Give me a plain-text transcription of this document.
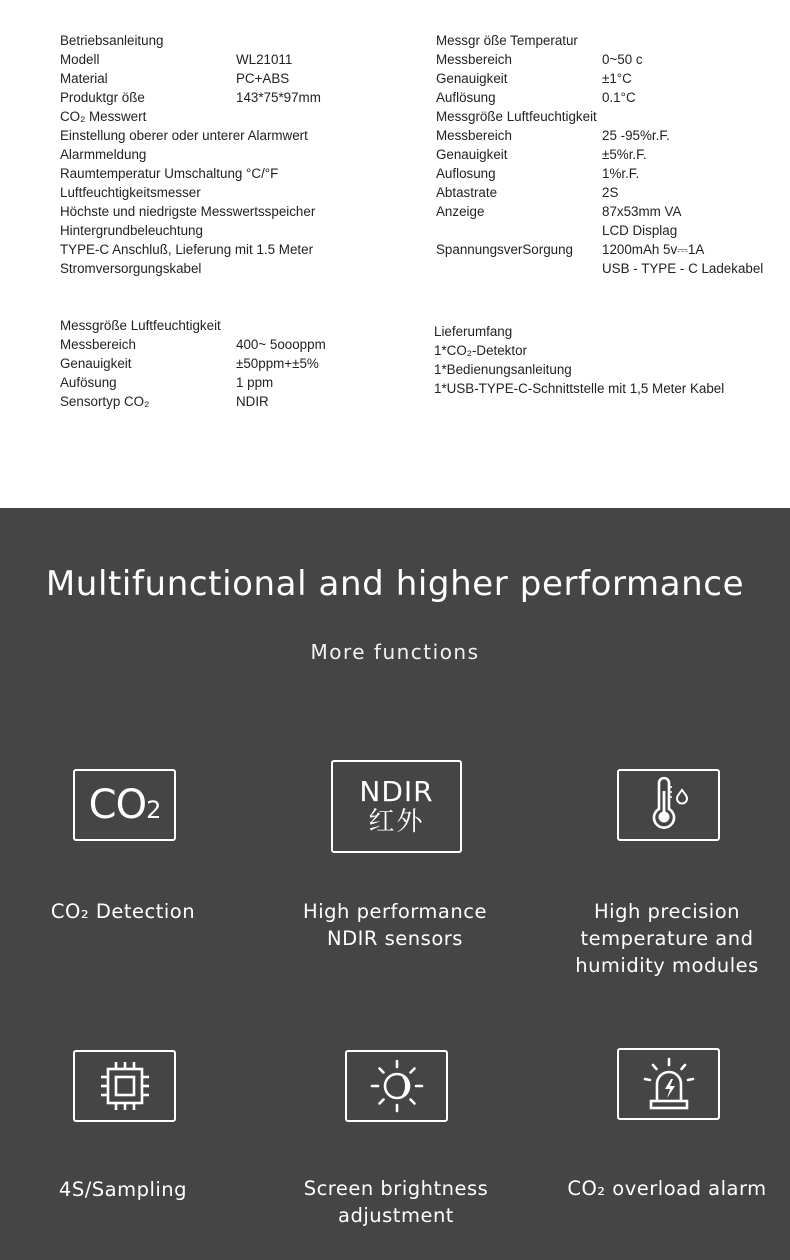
Betriebsanleitung
Modell	WL21011
Material	PC+ABS
Produktgr öße	143*75*97mm
CO₂ Messwert
Einstellung oberer oder unterer Alarmwert
Alarmmeldung
Raumtemperatur Umschaltung °C/°F
Luftfeuchtigkeitsmesser
Höchste und niedrigste Messwertsspeicher
Hintergrundbeleuchtung
TYPE-C Anschluß, Lieferung mit 1.5 Meter
Stromversorgungskabel
Messgr öße Temperatur
Messbereich	0~50 c
Genauigkeit	±1°C
Auflösung	0.1°C
Messgröße Luftfeuchtigkeit
Messbereich	25 -95%r.F.
Genauigkeit	±5%r.F.
Auflosung	1%r.F.
Abtastrate	2S
Anzeige	87x53mm VA
LCD Displag
SpannungsverSorgung 1200mAh 5v⎓1A
USB - TYPE - C Ladekabel
Messgröße Luftfeuchtigkeit
Messbereich	400~ 5oooppm
Genauigkeit	±50ppm+±5%
Aufösung	1 ppm
Sensortyp CO₂	NDIR
Lieferumfang
1*CO₂-Detektor
1*Bedienungsanleitung
1*USB-TYPE-C-Schnittstelle mit 1,5 Meter Kabel
Multifunctional and higher performance
More functions
CO2
CO₂ Detection
NDIR
红外
High performance NDIR sensors
High precision temperature and humidity modules
4S/Sampling	Screen brightness adjustment
CO₂ overload alarm
